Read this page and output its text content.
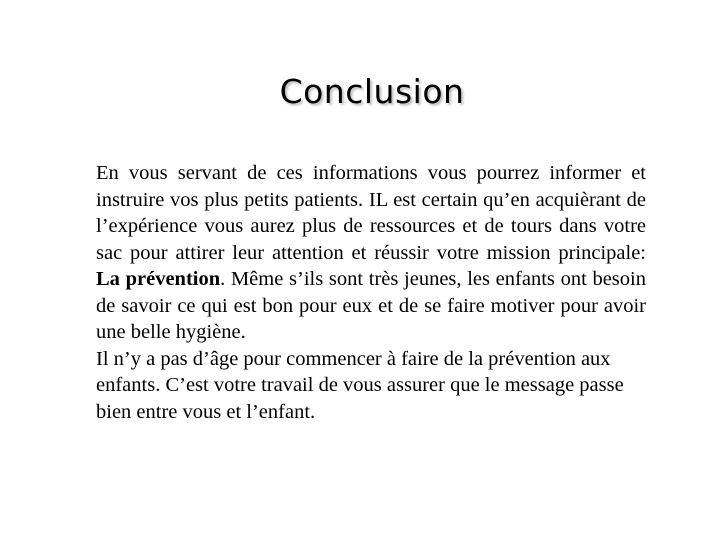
Conclusion

En vous servant de ces informations vous pourrez informer et instruire vos plus petits patients. IL est certain qu’en acquièrant de l’expérience vous aurez plus de ressources et de tours dans votre sac pour attirer leur attention et réussir votre mission principale: La prévention. Même s’ils sont très jeunes, les enfants ont besoin de savoir ce qui est bon pour eux et de se faire motiver pour avoir une belle hygiène.

Il n’y a pas d’âge pour commencer à faire de la prévention aux enfants. C’est votre travail de vous assurer que le message passe bien entre vous et l’enfant.
